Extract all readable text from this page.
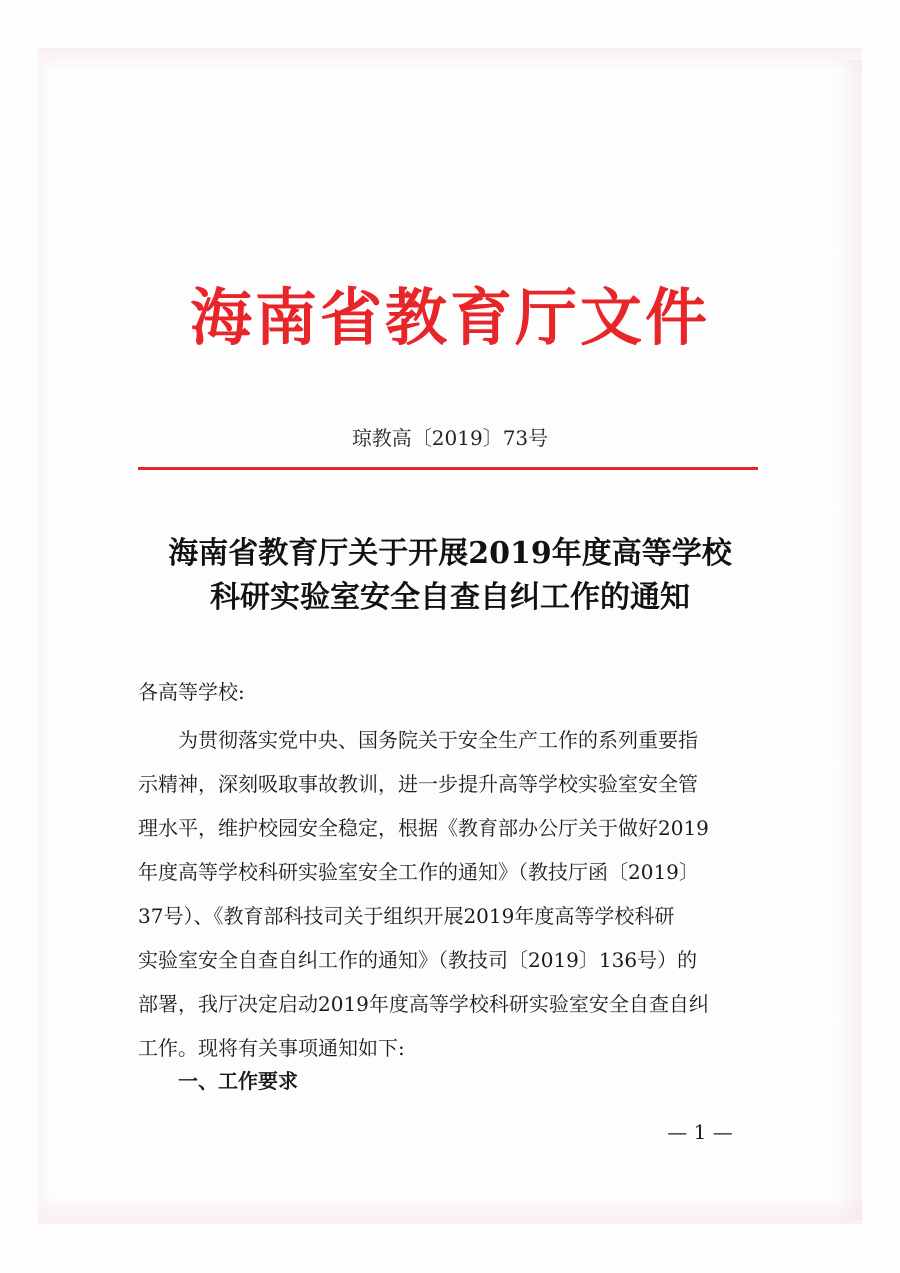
海南省教育厅文件
琼教高〔2019〕73号
海南省教育厅关于开展2019年度高等学校
科研实验室安全自查自纠工作的通知
各高等学校:

为贯彻落实党中央、国务院关于安全生产工作的系列重要指
示精神，深刻吸取事故教训，进一步提升高等学校实验室安全管
理水平，维护校园安全稳定，根据《教育部办公厅关于做好2019
年度高等学校科研实验室安全工作的通知》（教技厅函〔2019〕
37号）、《教育部科技司关于组织开展2019年度高等学校科研
实验室安全自查自纠工作的通知》（教技司〔2019〕136号）的
部署，我厅决定启动2019年度高等学校科研实验室安全自查自纠
工作。现将有关事项通知如下:

一、工作要求
— 1 —
